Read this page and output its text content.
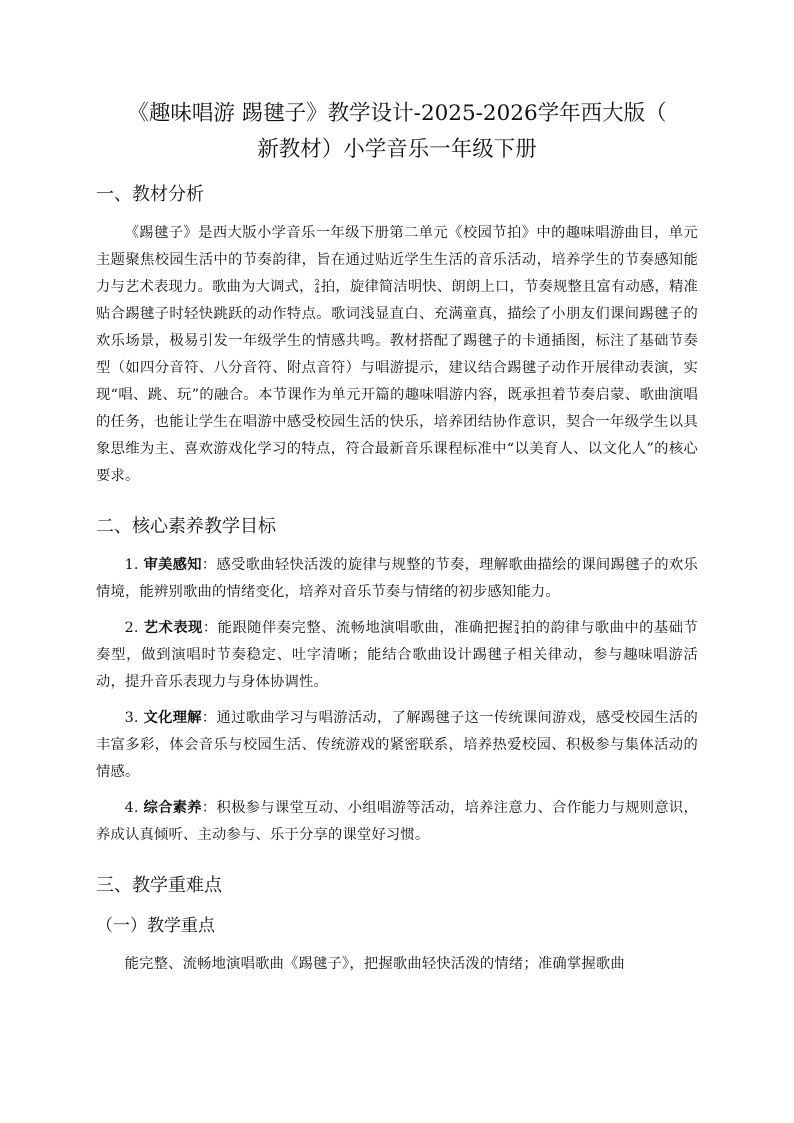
《趣味唱游 踢毽子》教学设计-2025-2026学年西大版（
新教材）小学音乐一年级下册
一、教材分析

《踢毽子》是西大版小学音乐一年级下册第二单元《校园节拍》中的趣味唱游曲目，单元主题聚焦校园生活中的节奏韵律，旨在通过贴近学生生活的音乐活动，培养学生的节奏感知能力与艺术表现力。歌曲为大调式， 2
4 拍，旋律简洁明快、朗朗上口，节奏规整且富有动感，精准贴合踢毽子时轻快跳跃的动作特点。歌词浅显直白、充满童真，描绘了小朋友们课间踢毽子的欢乐场景，极易引发一年级学生的情感共鸣。教材搭配了踢毽子的卡通插图，标注了基础节奏型（如四分音符、八分音符、附点音符）与唱游提示，建议结合踢毽子动作开展律动表演，实现“唱、跳、玩”的融合。本节课作为单元开篇的趣味唱游内容，既承担着节奏启蒙、歌曲演唱的任务，也能让学生在唱游中感受校园生活的快乐，培养团结协作意识，契合一年级学生以具象思维为主、喜欢游戏化学习的特点，符合最新音乐课程标准中“以美育人、以文化人”的核心要求。

二、核心素养教学目标

1. 审美感知：感受歌曲轻快活泼的旋律与规整的节奏，理解歌曲描绘的课间踢毽子的欢乐情境，能辨别歌曲的情绪变化，培养对音乐节奏与情绪的初步感知能力。

2. 艺术表现：能跟随伴奏完整、流畅地演唱歌曲，准确把握 2
4 拍的韵律与歌曲中的基础节奏型，做到演唱时节奏稳定、吐字清晰；能结合歌曲设计踢毽子相关律动，参与趣味唱游活动，提升音乐表现力与身体协调性。

3. 文化理解：通过歌曲学习与唱游活动，了解踢毽子这一传统课间游戏，感受校园生活的丰富多彩，体会音乐与校园生活、传统游戏的紧密联系，培养热爱校园、积极参与集体活动的情感。

4. 综合素养：积极参与课堂互动、小组唱游等活动，培养注意力、合作能力与规则意识，养成认真倾听、主动参与、乐于分享的课堂好习惯。

三、教学重难点
（一）教学重点

能完整、流畅地演唱歌曲《踢毽子》，把握歌曲轻快活泼的情绪；准确掌握歌曲
